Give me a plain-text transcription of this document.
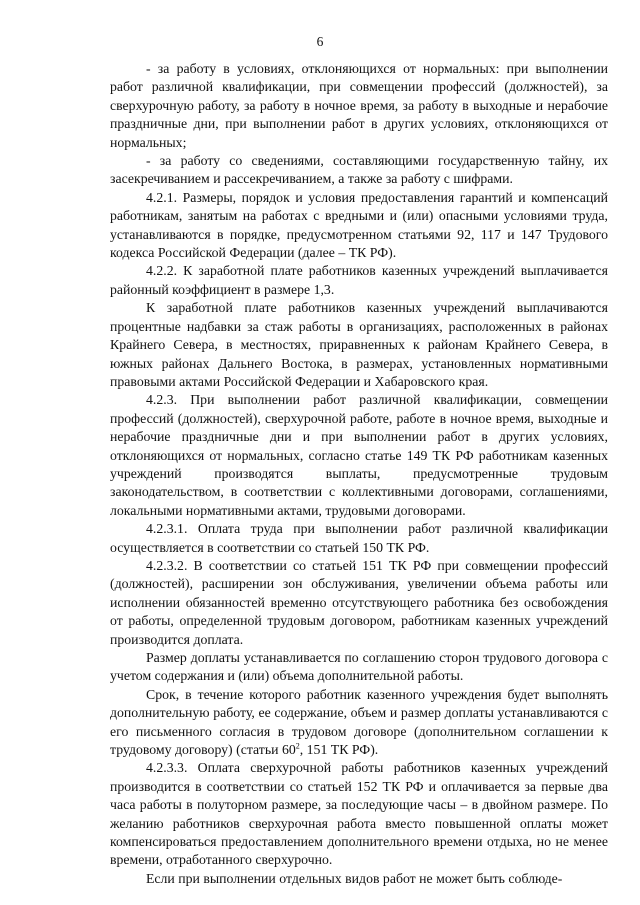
6

- за работу в условиях, отклоняющихся от нормальных: при выполнении работ различной квалификации, при совмещении профессий (должностей), за сверхурочную работу, за работу в ночное время, за работу в выходные и нерабочие праздничные дни, при выполнении работ в других условиях, отклоняющихся от нормальных;

- за работу со сведениями, составляющими государственную тайну, их засекречиванием и рассекречиванием, а также за работу с шифрами.

4.2.1. Размеры, порядок и условия предоставления гарантий и компенсаций работникам, занятым на работах с вредными и (или) опасными условиями труда, устанавливаются в порядке, предусмотренном статьями 92, 117 и 147 Трудового кодекса Российской Федерации (далее – ТК РФ).

4.2.2. К заработной плате работников казенных учреждений выплачивается районный коэффициент в размере 1,3.

К заработной плате работников казенных учреждений выплачиваются процентные надбавки за стаж работы в организациях, расположенных в районах Крайнего Севера, в местностях, приравненных к районам Крайнего Севера, в южных районах Дальнего Востока, в размерах, установленных нормативными правовыми актами Российской Федерации и Хабаровского края.

4.2.3. При выполнении работ различной квалификации, совмещении профессий (должностей), сверхурочной работе, работе в ночное время, выходные и нерабочие праздничные дни и при выполнении работ в других условиях, отклоняющихся от нормальных, согласно статье 149 ТК РФ работникам казенных учреждений производятся выплаты, предусмотренные трудовым законодательством, в соответствии с коллективными договорами, соглашениями, локальными нормативными актами, трудовыми договорами.

4.2.3.1. Оплата труда при выполнении работ различной квалификации осуществляется в соответствии со статьей 150 ТК РФ.

4.2.3.2. В соответствии со статьей 151 ТК РФ при совмещении профессий (должностей), расширении зон обслуживания, увеличении объема работы или исполнении обязанностей временно отсутствующего работника без освобождения от работы, определенной трудовым договором, работникам казенных учреждений производится доплата.

Размер доплаты устанавливается по соглашению сторон трудового договора с учетом содержания и (или) объема дополнительной работы.

Срок, в течение которого работник казенного учреждения будет выполнять дополнительную работу, ее содержание, объем и размер доплаты устанавливаются с его письменного согласия в трудовом договоре (дополнительном соглашении к трудовому договору) (статьи $60^2$, 151 ТК РФ).

4.2.3.3. Оплата сверхурочной работы работников казенных учреждений производится в соответствии со статьей 152 ТК РФ и оплачивается за первые два часа работы в полуторном размере, за последующие часы – в двойном размере. По желанию работников сверхурочная работа вместо повышенной оплаты может компенсироваться предоставлением дополнительного времени отдыха, но не менее времени, отработанного сверхурочно.

Если при выполнении отдельных видов работ не может быть соблюде-
